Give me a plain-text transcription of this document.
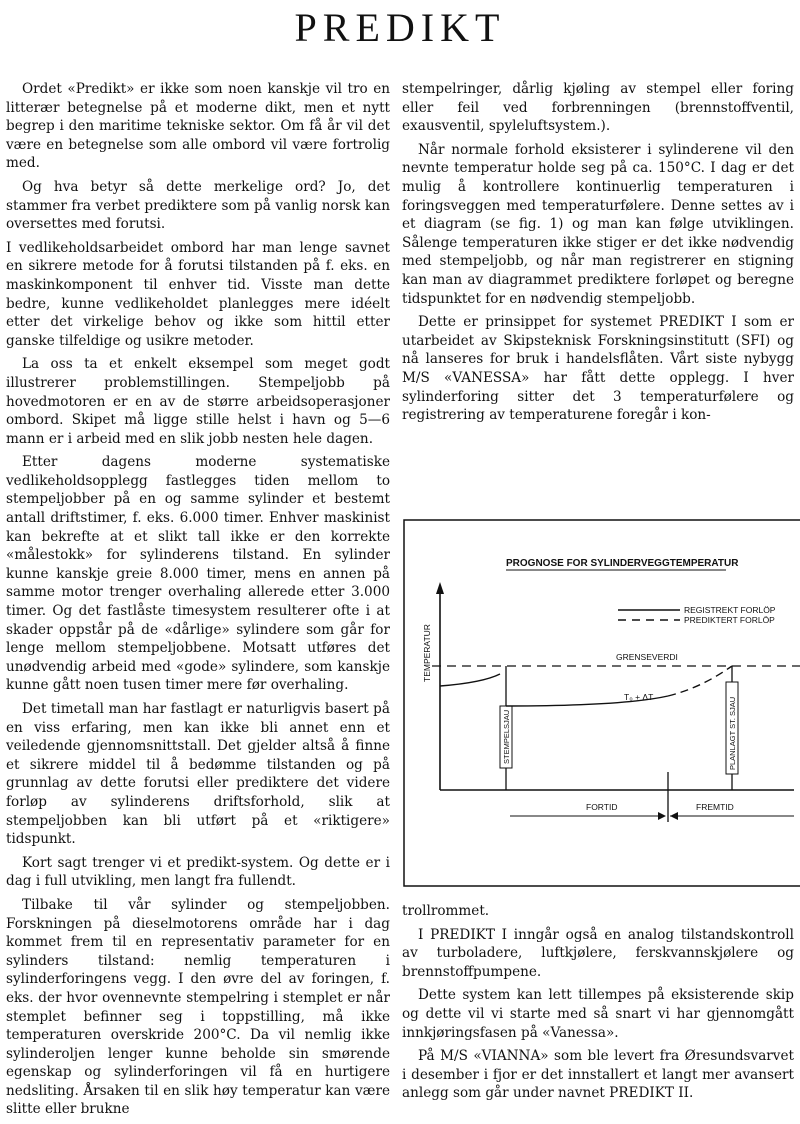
PREDIKT

Ordet «Predikt» er ikke som noen kanskje vil tro en litterær betegnelse på et moderne dikt, men et nytt begrep i den maritime tekniske sektor. Om få år vil det være en betegnelse som alle ombord vil være fortrolig med.

Og hva betyr så dette merkelige ord? Jo, det stammer fra verbet prediktere som på vanlig norsk kan oversettes med forutsi.

I vedlikeholdsarbeidet ombord har man lenge savnet en sikrere metode for å forutsi tilstanden på f. eks. en maskinkomponent til enhver tid. Visste man dette bedre, kunne vedlikeholdet planlegges mere idéelt etter det virkelige behov og ikke som hittil etter ganske tilfeldige og usikre metoder.

La oss ta et enkelt eksempel som meget godt illustrerer problemstillingen. Stempeljobb på hovedmotoren er en av de større arbeidsoperasjoner ombord. Skipet må ligge stille helst i havn og 5—6 mann er i arbeid med en slik jobb nesten hele dagen.

Etter dagens moderne systematiske vedlikeholdsopplegg fastlegges tiden mellom to stempeljobber på en og samme sylinder et bestemt antall driftstimer, f. eks. 6.000 timer. Enhver maskinist kan bekrefte at et slikt tall ikke er den korrekte «målestokk» for sylinderens tilstand. En sylinder kunne kanskje greie 8.000 timer, mens en annen på samme motor trenger overhaling allerede etter 3.000 timer. Og det fastlåste timesystem resulterer ofte i at skader oppstår på de «dårlige» sylindere som går for lenge mellom stempeljobbene. Motsatt utføres det unødvendig arbeid med «gode» sylindere, som kanskje kunne gått noen tusen timer mere før overhaling.

Det timetall man har fastlagt er naturligvis basert på en viss erfaring, men kan ikke bli annet enn et veiledende gjennomsnittstall. Det gjelder altså å finne et sikrere middel til å bedømme tilstanden og på grunnlag av dette forutsi eller prediktere det videre forløp av sylinderens driftsforhold, slik at stempeljobben kan bli utført på et «riktigere» tidspunkt.

Kort sagt trenger vi et predikt-system. Og dette er i dag i full utvikling, men langt fra fullendt.

Tilbake til vår sylinder og stempeljobben. Forskningen på dieselmotorens område har i dag kommet frem til en representativ parameter for en sylinders tilstand: nemlig temperaturen i sylinderforingens vegg. I den øvre del av foringen, f. eks. der hvor ovennevnte stempelring i stemplet er når stemplet befinner seg i toppstilling, må ikke temperaturen overskride 200°C. Da vil nemlig ikke sylinderoljen lenger kunne beholde sin smørende egenskap og sylinderforingen vil få en hurtigere nedsliting. Årsaken til en slik høy temperatur kan være slitte eller brukne

stempelringer, dårlig kjøling av stempel eller foring eller feil ved forbrenningen (brennstoffventil, exausventil, spyleluftsystem.).

Når normale forhold eksisterer i sylinderene vil den nevnte temperatur holde seg på ca. 150°C. I dag er det mulig å kontrollere kontinuerlig temperaturen i foringsveggen med temperaturfølere. Denne settes av i et diagram (se fig. 1) og man kan følge utviklingen. Sålenge temperaturen ikke stiger er det ikke nødvendig med stempeljobb, og når man registrerer en stigning kan man av diagrammet prediktere forløpet og beregne tidspunktet for en nødvendig stempeljobb.

Dette er prinsippet for systemet PREDIKT I som er utarbeidet av Skipsteknisk Forskningsinstitutt (SFI) og nå lanseres for bruk i handelsflåten. Vårt siste nybygg M/S «VANESSA» har fått dette opplegg. I hver sylinderforing sitter det 3 temperaturfølere og registrering av temperaturene foregår i kon-

PROGNOSE FOR SYLINDERVEGGTEMPERATUR
REGISTREKT FORLÖP
PREDIKTERT FORLÖP
TEMPERATUR	GRENSEVERDI
STEMPELSJAU
T₀ + ΔT	PLANLAGT ST. SJAU
FORTID	FREMTID

trollrommet.

I PREDIKT I inngår også en analog tilstandskontroll av turboladere, luftkjølere, ferskvannskjølere og brennstoffpumpene.

Dette system kan lett tillempes på eksisterende skip og dette vil vi starte med så snart vi har gjennomgått innkjøringsfasen på «Vanessa».

På M/S «VIANNA» som ble levert fra Øresundsvarvet i desember i fjor er det innstallert et langt mer avansert anlegg som går under navnet PREDIKT II.
